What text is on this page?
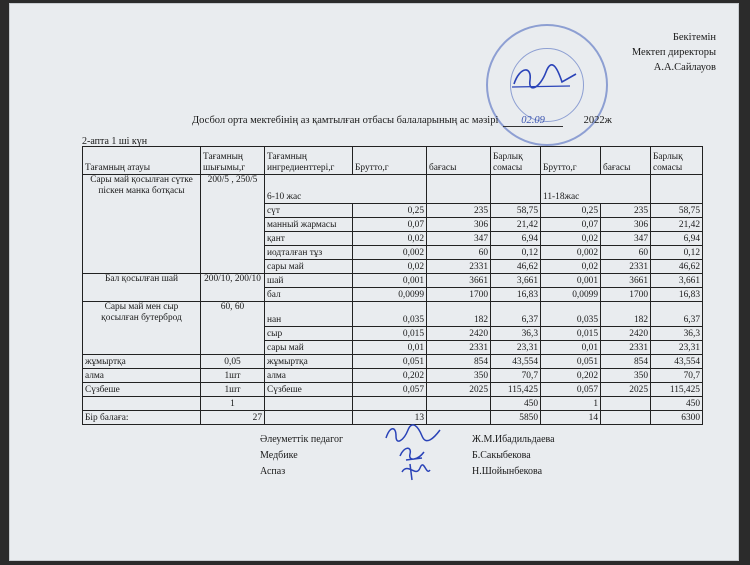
Бекітемін
Мектеп директоры
А.А.Сайлауов
Досбол орта мектебінің аз қамтылған отбасы балаларының ас мәзірі 02.09	2022ж
2-апта 1 ші күн
Тағамның атауы	Тағамның шығымы,г	Тағамның ингредиенттері,г	Брутто,г	бағасы	Барлық сомасы	Брутто,г	бағасы	Барлық сомасы
Сары май қосылған сүтке піскен манка ботқасы	200/5 , 250/5	6-10 жас				11-18жас		
		сүт	0,25	235	58,75	0,25	235	58,75
		манный жармасы	0,07	306	21,42	0,07	306	21,42
		қант	0,02	347	6,94	0,02	347	6,94
		иодталған тұз	0,002	60	0,12	0,002	60	0,12
		сары май	0,02	2331	46,62	0,02	2331	46,62
Бал қосылған шай	200/10, 200/10	шай	0,001	3661	3,661	0,001	3661	3,661
		бал	0,0099	1700	16,83	0,0099	1700	16,83
Сары май мен сыр қосылған бутерброд	60, 60	нан	0,035	182	6,37	0,035	182	6,37
		сыр	0,015	2420	36,3	0,015	2420	36,3
		сары май	0,01	2331	23,31	0,01	2331	23,31
жұмыртқа	0,05	жұмыртқа	0,051	854	43,554	0,051	854	43,554
алма	1шт	алма	0,202	350	70,7	0,202	350	70,7
Сүзбеше	1шт	Сүзбеше	0,057	2025	115,425	0,057	2025	115,425
	1				450	1		450
Бір балаға:	27		13		5850	14		6300
Әлеуметтік педагог
Медбике
Аспаз
Ж.М.Ибадильдаева
Б.Сакыбекова
Н.Шойынбекова
